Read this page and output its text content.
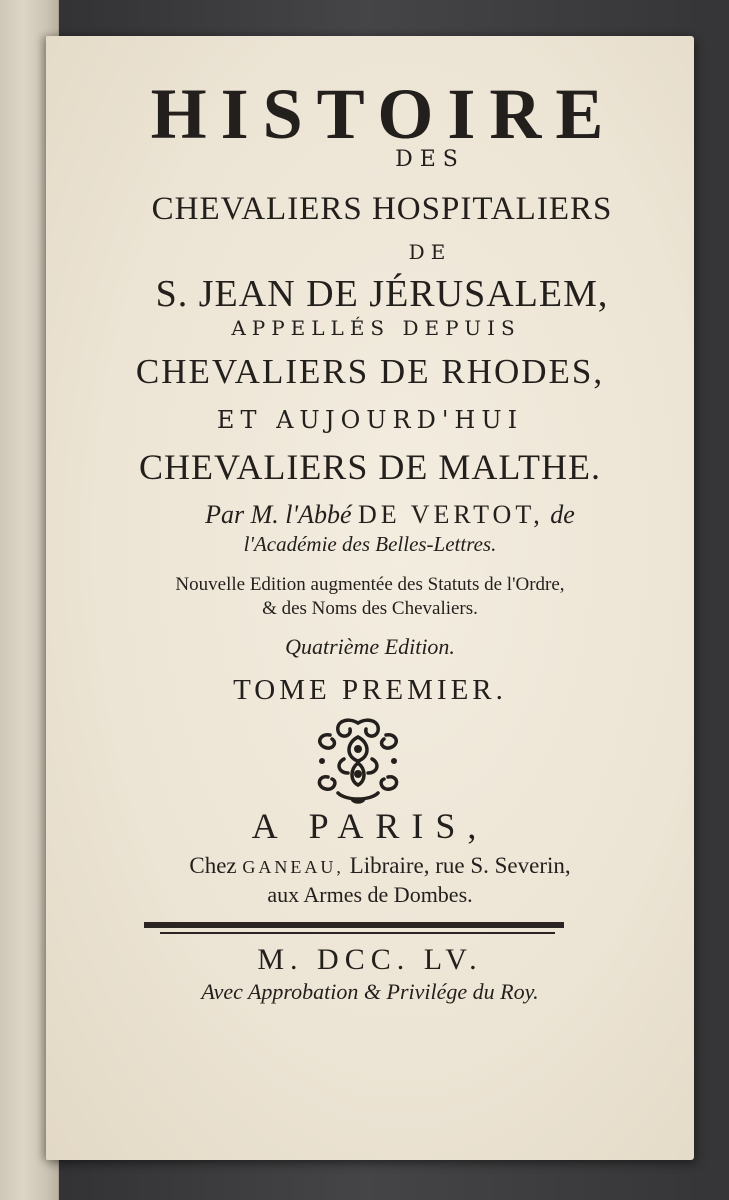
HISTOIRE
DES
CHEVALIERS HOSPITALIERS
DE
S. JEAN DE JÉRUSALEM,
APPELLÉS DEPUIS
CHEVALIERS DE RHODES,
ET AUJOURD'HUI
CHEVALIERS DE MALTHE.
Par M. l'Abbé DE VERTOT, de
l'Académie des Belles-Lettres.
Nouvelle Edition augmentée des Statuts de l'Ordre,
& des Noms des Chevaliers.
Quatrième Edition.
TOME PREMIER.
A PARIS,
Chez GANEAU, Libraire, rue S. Severin,
aux Armes de Dombes.
M. DCC. LV.
Avec Approbation & Privilége du Roy.
